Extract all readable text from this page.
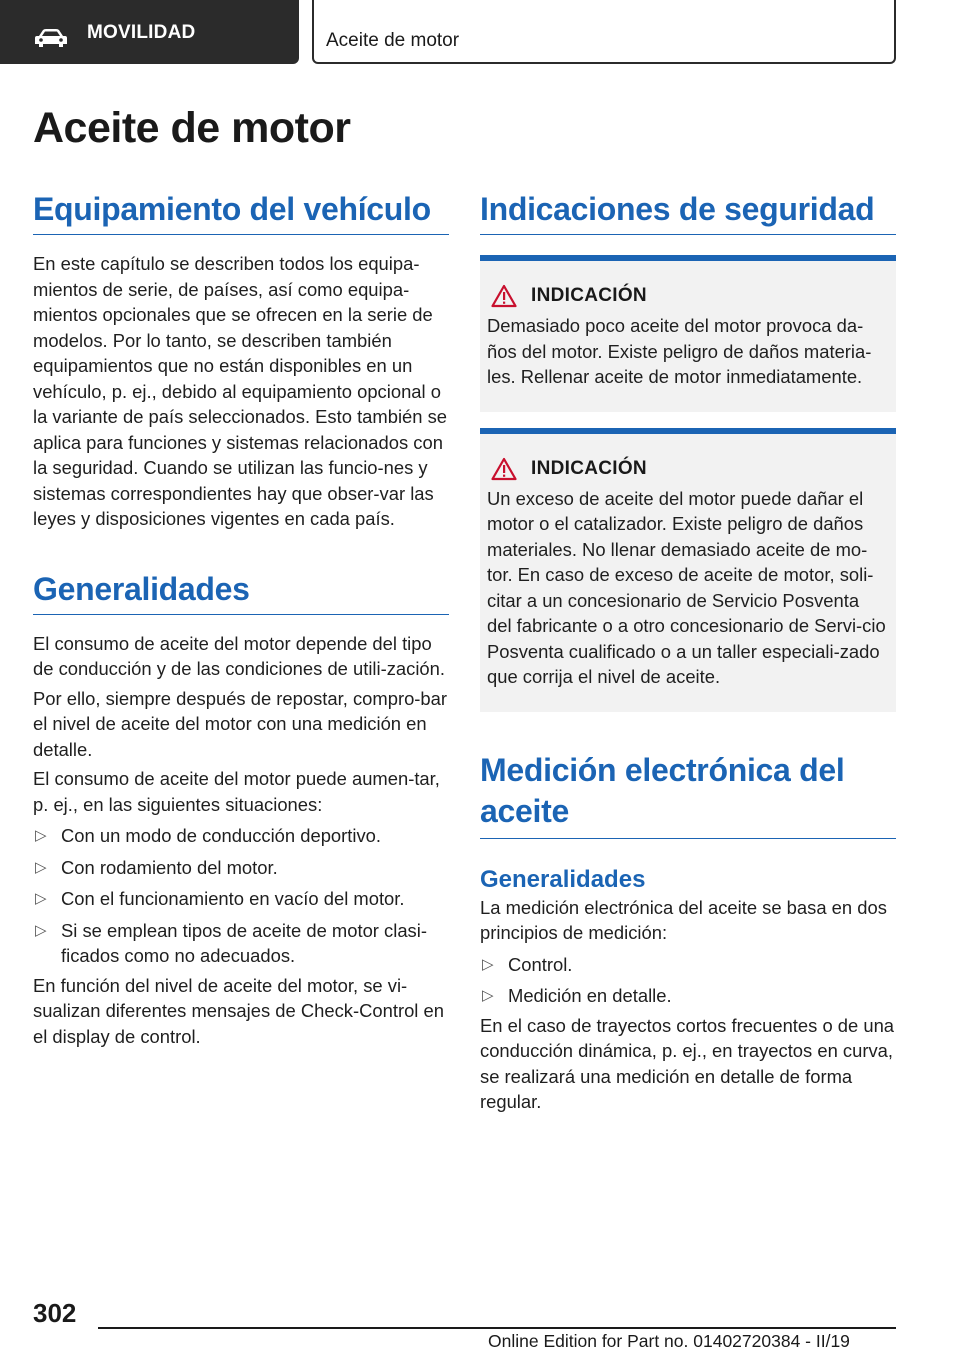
MOVILIDAD	Aceite de motor
Aceite de motor
Equipamiento del vehículo

En este capítulo se describen todos los equipa-mientos de serie, de países, así como equipa-mientos opcionales que se ofrecen en la serie de modelos. Por lo tanto, se describen también equipamientos que no están disponibles en un vehículo, p. ej., debido al equipamiento opcional o la variante de país seleccionados. Esto también se aplica para funciones y sistemas relacionados con la seguridad. Cuando se utilizan las funcio-nes y sistemas correspondientes hay que obser-var las leyes y disposiciones vigentes en cada país.

Generalidades

El consumo de aceite del motor depende del tipo de conducción y de las condiciones de utili-zación.

Por ello, siempre después de repostar, compro-bar el nivel de aceite del motor con una medición en detalle.

El consumo de aceite del motor puede aumen-tar, p. ej., en las siguientes situaciones:

▷ Con un modo de conducción deportivo.
▷ Con rodamiento del motor.
▷ Con el funcionamiento en vacío del motor.
▷ Si se emplean tipos de aceite de motor clasi-ficados como no adecuados.

En función del nivel de aceite del motor, se vi-sualizan diferentes mensajes de Check-Control en el display de control.

Indicaciones de seguridad
INDICACIÓN

Demasiado poco aceite del motor provoca da-ños del motor. Existe peligro de daños materia-les. Rellenar aceite de motor inmediatamente.

INDICACIÓN

Un exceso de aceite del motor puede dañar el motor o el catalizador. Existe peligro de daños materiales. No llenar demasiado aceite de mo-tor. En caso de exceso de aceite de motor, soli-citar a un concesionario de Servicio Posventa del fabricante o a otro concesionario de Servi-cio Posventa cualificado o a un taller especiali-zado que corrija el nivel de aceite.

Medición electrónica del aceite
Generalidades

La medición electrónica del aceite se basa en dos principios de medición:

▷ Control.
▷ Medición en detalle.

En el caso de trayectos cortos frecuentes o de una conducción dinámica, p. ej., en trayectos en curva, se realizará una medición en detalle de forma regular.

302
Online Edition for Part no. 01402720384 - II/19
